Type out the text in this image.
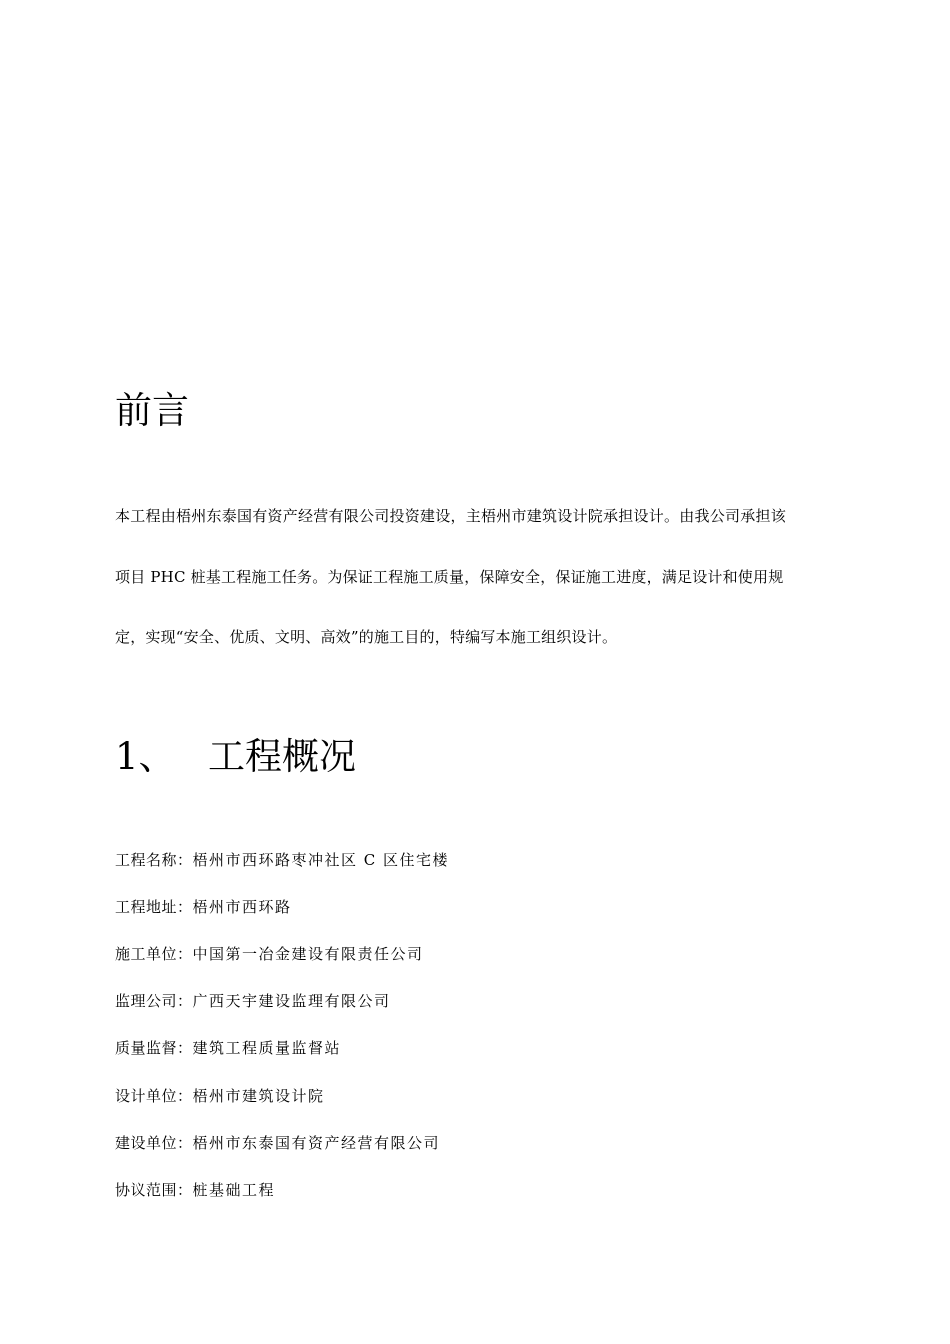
前言

本工程由梧州东泰国有资产经营有限公司投资建设，主梧州市建筑设计院承担设计。由我公司承担该

项目 PHC 桩基工程施工任务。为保证工程施工质量，保障安全，保证施工进度，满足设计和使用规

定，实现“安全、优质、文明、高效”的施工目的，特编写本施工组织设计。

1、 工程概况

工程名称：梧州市西环路枣冲社区 C 区住宅楼

工程地址：梧州市西环路

施工单位：中国第一冶金建设有限责任公司

监理公司：广西天宇建设监理有限公司

质量监督：建筑工程质量监督站

设计单位：梧州市建筑设计院

建设单位：梧州市东泰国有资产经营有限公司

协议范围：桩基础工程
